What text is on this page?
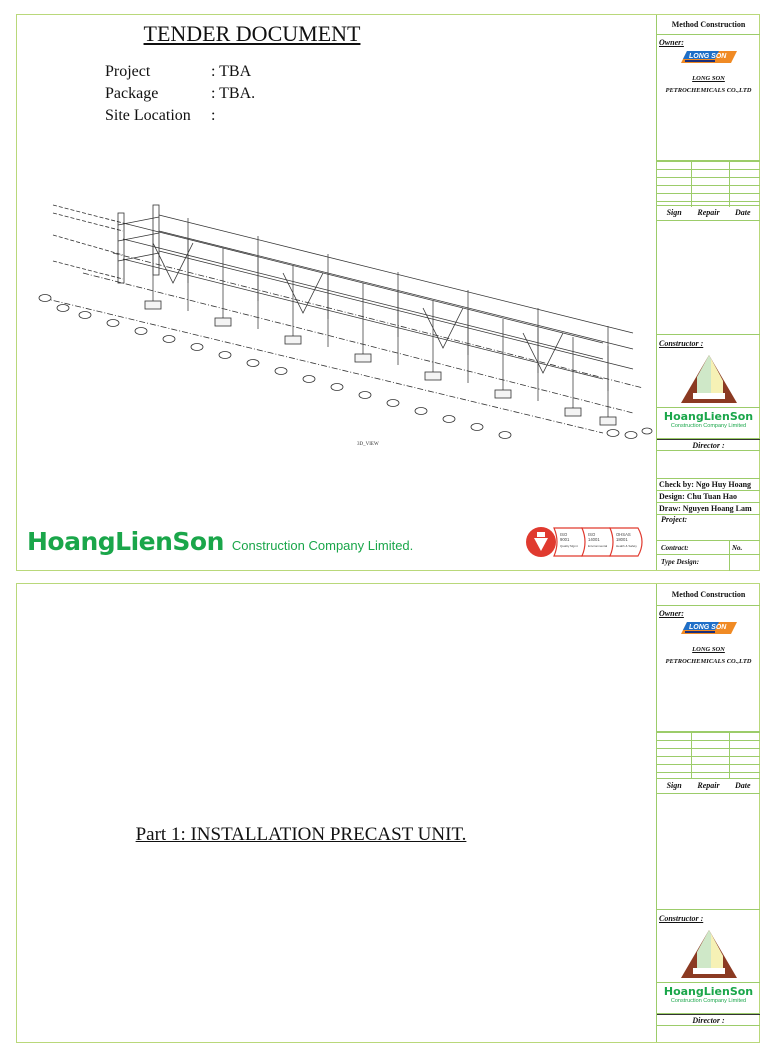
TENDER DOCUMENT
Project	: TBA
Package	: TBA.
Site Location :
3D_VIEW
HoangLienSon Construction Company Limited.
ISO
9001
Quality Mgmt
ISO
14001
Environmental
OHSAS
18001
Health & Safety
Method Construction
Owner:
LONG SON
LONG SON
PETROCHEMICALS CO.,LTD
Sign	Repair	Date
Constructor :
HoangLienSon
Construction Company Limited
Director :
Check by: Ngo Huy Hoang
Design: Chu Tuan Hao
Draw: Nguyen Hoang Lam
Project:
Contract:	No.
Type Design:
Part 1: INSTALLATION PRECAST UNIT.
Method Construction
Owner:
LONG SON
LONG SON
PETROCHEMICALS CO.,LTD
Sign	Repair	Date
Constructor :
HoangLienSon
Construction Company Limited
Director :
